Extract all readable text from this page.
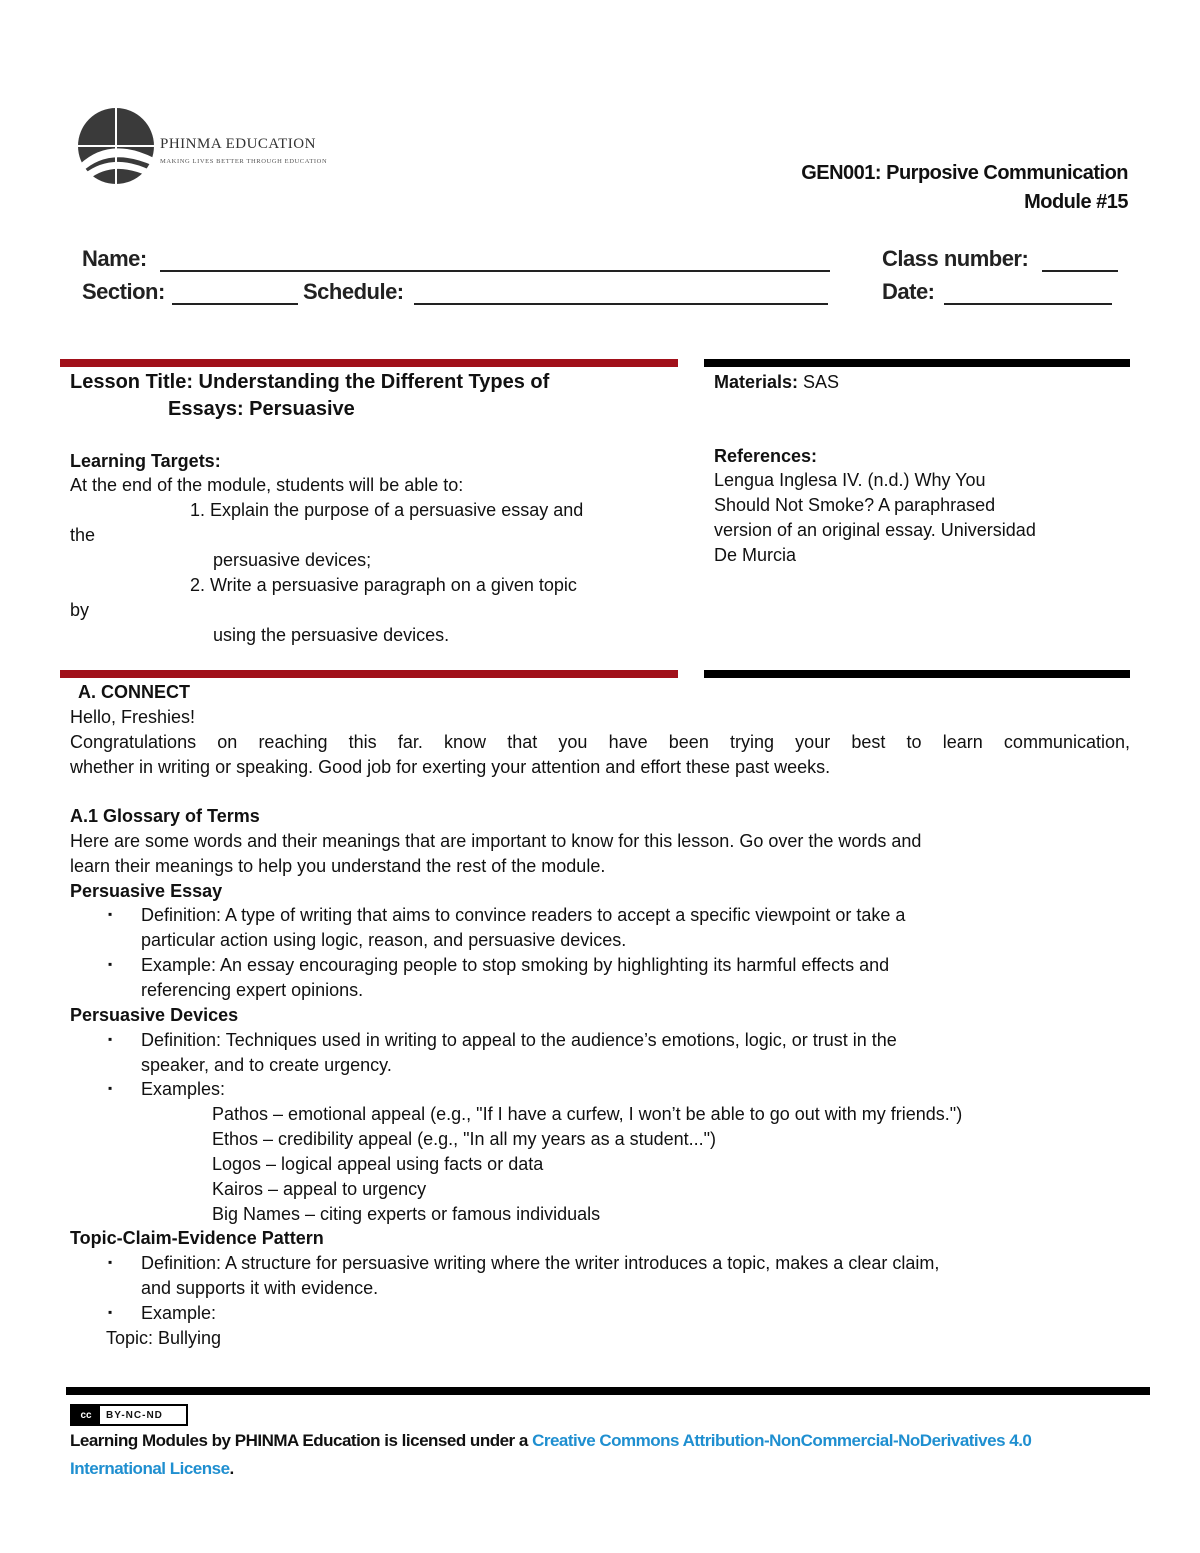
PHINMA EDUCATION
MAKING LIVES BETTER THROUGH EDUCATION
GEN001: Purposive Communication
Module #15
Name:	Class number:
Section:	Schedule:	Date:
Lesson Title: Understanding the Different Types of
Essays: Persuasive
Learning Targets:
At the end of the module, students will be able to:
1. Explain the purpose of a persuasive essay and
the
persuasive devices;
2. Write a persuasive paragraph on a given topic
by
using the persuasive devices.
Materials: SAS
References:
Lengua Inglesa IV. (n.d.) Why You
Should Not Smoke? A paraphrased
version of an original essay. Universidad
De Murcia
A. CONNECT
Hello, Freshies!
Congratulations on reaching this far. know that you have been trying your best to learn communication,
whether in writing or speaking. Good job for exerting your attention and effort these past weeks.
A.1 Glossary of Terms
Here are some words and their meanings that are important to know for this lesson. Go over the words and
learn their meanings to help you understand the rest of the module.
Persuasive Essay
▪ Definition: A type of writing that aims to convince readers to accept a specific viewpoint or take a
particular action using logic, reason, and persuasive devices.
▪ Example: An essay encouraging people to stop smoking by highlighting its harmful effects and
referencing expert opinions.
Persuasive Devices
▪ Definition: Techniques used in writing to appeal to the audience’s emotions, logic, or trust in the
speaker, and to create urgency.
▪ Examples:
Pathos – emotional appeal (e.g., "If I have a curfew, I won’t be able to go out with my friends.")
Ethos – credibility appeal (e.g., "In all my years as a student...")
Logos – logical appeal using facts or data
Kairos – appeal to urgency
Big Names – citing experts or famous individuals
Topic-Claim-Evidence Pattern
▪ Definition: A structure for persuasive writing where the writer introduces a topic, makes a clear claim,
and supports it with evidence.
▪ Example:
Topic: Bullying
cc	BY-NC-ND
Learning Modules by PHINMA Education is licensed under a Creative Commons Attribution-NonCommercial-NoDerivatives 4.0
International License.
